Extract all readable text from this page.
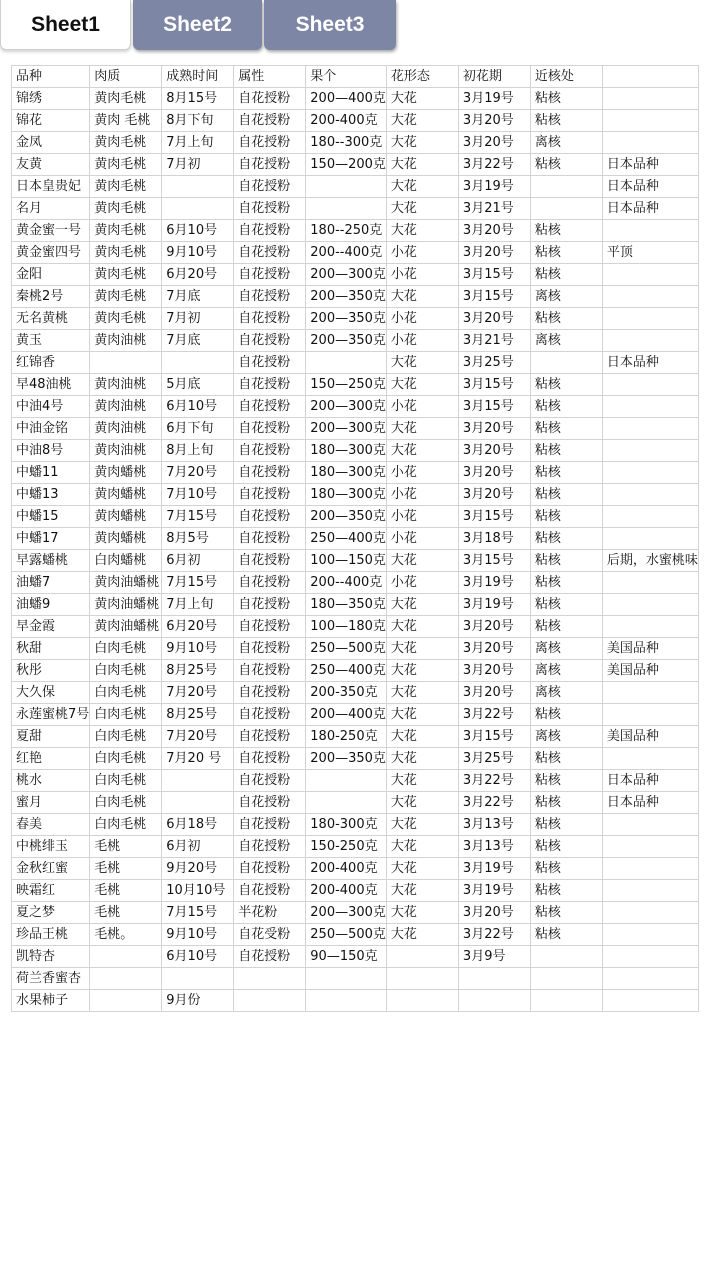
Sheet1	Sheet2	Sheet3
品种	肉质	成熟时间	属性	果个	花形态	初花期	近核处	
锦绣	黄肉毛桃	8月15号	自花授粉	200—400克	大花	3月19号	粘核	
锦花	黄肉 毛桃	8月下旬	自花授粉	200-400克	大花	3月20号	粘核	
金凤	黄肉毛桃	7月上旬	自花授粉	180--300克	大花	3月20号	离核	
友黄	黄肉毛桃	7月初	自花授粉	150—200克	大花	3月22号	粘核	日本品种
日本皇贵妃	黄肉毛桃		自花授粉		大花	3月19号		日本品种
名月	黄肉毛桃		自花授粉		大花	3月21号		日本品种
黄金蜜一号	黄肉毛桃	6月10号	自花授粉	180--250克	大花	3月20号	粘核	
黄金蜜四号	黄肉毛桃	9月10号	自花授粉	200--400克	小花	3月20号	粘核	平顶
金阳	黄肉毛桃	6月20号	自花授粉	200—300克	小花	3月15号	粘核	
秦桃2号	黄肉毛桃	7月底	自花授粉	200—350克	大花	3月15号	离核	
无名黄桃	黄肉毛桃	7月初	自花授粉	200—350克	小花	3月20号	粘核	
黄玉	黄肉油桃	7月底	自花授粉	200—350克	小花	3月21号	离核	
红锦香			自花授粉		大花	3月25号		日本品种
早48油桃	黄肉油桃	5月底	自花授粉	150—250克	大花	3月15号	粘核	
中油4号	黄肉油桃	6月10号	自花授粉	200—300克	小花	3月15号	粘核	
中油金铭	黄肉油桃	6月下旬	自花授粉	200—300克	大花	3月20号	粘核	
中油8号	黄肉油桃	8月上旬	自花授粉	180—300克	大花	3月20号	粘核	
中蟠11	黄肉蟠桃	7月20号	自花授粉	180—300克	小花	3月20号	粘核	
中蟠13	黄肉蟠桃	7月10号	自花授粉	180—300克	小花	3月20号	粘核	
中蟠15	黄肉蟠桃	7月15号	自花授粉	200—350克	小花	3月15号	粘核	
中蟠17	黄肉蟠桃	8月5号	自花授粉	250—400克	小花	3月18号	粘核	
早露蟠桃	白肉蟠桃	6月初	自花授粉	100—150克	大花	3月15号	粘核	后期，水蜜桃味
油蟠7	黄肉油蟠桃	7月15号	自花授粉	200--400克	小花	3月19号	粘核	
油蟠9	黄肉油蟠桃	7月上旬	自花授粉	180—350克	大花	3月19号	粘核	
早金霞	黄肉油蟠桃	6月20号	自花授粉	100—180克	大花	3月20号	粘核	
秋甜	白肉毛桃	9月10号	自花授粉	250—500克	大花	3月20号	离核	美国品种
秋彤	白肉毛桃	8月25号	自花授粉	250—400克	大花	3月20号	离核	美国品种
大久保	白肉毛桃	7月20号	自花授粉	200-350克	大花	3月20号	离核	
永莲蜜桃7号	白肉毛桃	8月25号	自花授粉	200—400克	大花	3月22号	粘核	
夏甜	白肉毛桃	7月20号	自花授粉	180-250克	大花	3月15号	离核	美国品种
红艳	白肉毛桃	7月20 号	自花授粉	200—350克	大花	3月25号	粘核	
桃水	白肉毛桃		自花授粉		大花	3月22号	粘核	日本品种
蜜月	白肉毛桃		自花授粉		大花	3月22号	粘核	日本品种
春美	白肉毛桃	6月18号	自花授粉	180-300克	大花	3月13号	粘核	
中桃绯玉	毛桃	6月初	自花授粉	150-250克	大花	3月13号	粘核	
金秋红蜜	毛桃	9月20号	自花授粉	200-400克	大花	3月19号	粘核	
映霜红	毛桃	10月10号	自花授粉	200-400克	大花	3月19号	粘核	
夏之梦	毛桃	7月15号	半花粉	200—300克	大花	3月20号	粘核	
珍品王桃	毛桃。	9月10号	自花受粉	250—500克	大花	3月22号	粘核	
凯特杏		6月10号	自花授粉	90—150克		3月9号		
荷兰香蜜杏								
水果柿子		9月份						
